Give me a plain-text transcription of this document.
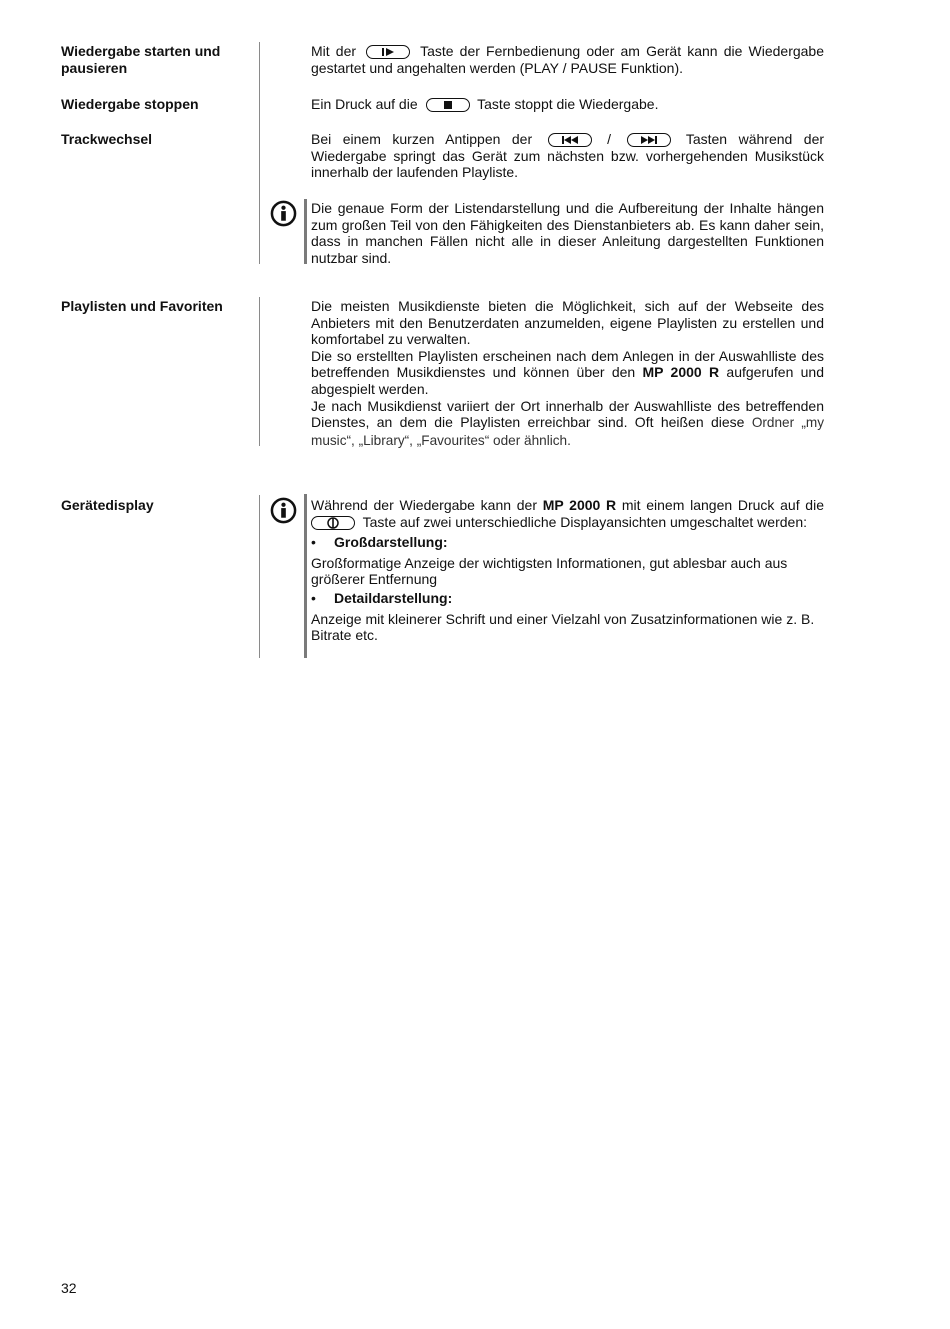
Wiedergabe starten und pausieren
Mit der	Taste der Fernbedienung oder am Gerät kann die Wiedergabe gestartet und angehalten werden (PLAY / PAUSE Funktion).
Wiedergabe stoppen	Ein Druck auf die	Taste stoppt die Wiedergabe.
Trackwechsel	Bei einem kurzen Antippen der	/	Tasten während der Wiedergabe springt das Gerät zum nächsten bzw. vorhergehenden Musikstück innerhalb der laufenden Playliste.
Die genaue Form der Listendarstellung und die Aufbereitung der Inhalte hängen zum großen Teil von den Fähigkeiten des Dienstanbieters ab. Es kann daher sein, dass in manchen Fällen nicht alle in dieser Anleitung dargestellten Funktionen nutzbar sind.
Playlisten und Favoriten	Die meisten Musikdienste bieten die Möglichkeit, sich auf der Webseite des Anbieters mit den Benutzerdaten anzumelden, eigene Playlisten zu erstellen und komfortabel zu verwalten.
Die so erstellten Playlisten erscheinen nach dem Anlegen in der Auswahlliste des betreffenden Musikdienstes und können über den MP 2000 R aufgerufen und abgespielt werden.
Je nach Musikdienst variiert der Ort innerhalb der Auswahlliste des betreffenden Dienstes, an dem die Playlisten erreichbar sind. Oft heißen diese Ordner „my music“, „Library“, „Favourites“ oder ähnlich.
Gerätedisplay	Während der Wiedergabe kann der MP 2000 R mit einem langen Druck auf die
Taste auf zwei unterschiedliche Displayansichten umgeschaltet werden:
• Großdarstellung:
Großformatige Anzeige der wichtigsten Informationen, gut ablesbar auch aus größerer Entfernung
• Detaildarstellung:
Anzeige mit kleinerer Schrift und einer Vielzahl von Zusatzinformationen wie z. B. Bitrate etc.
32
